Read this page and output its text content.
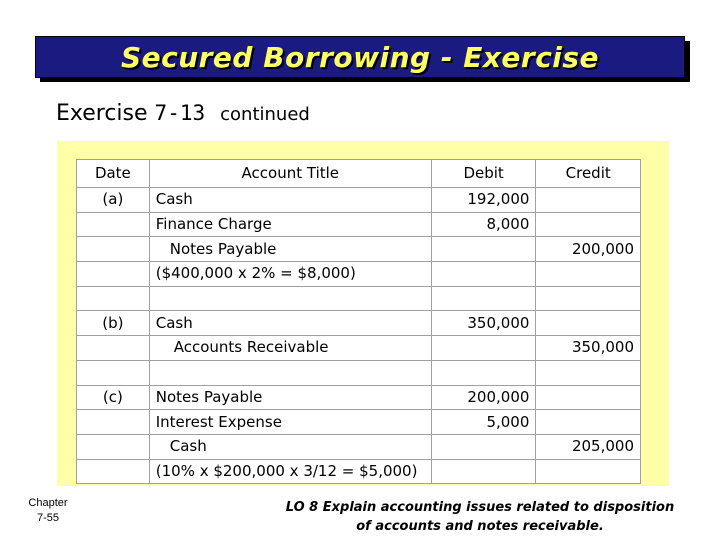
Secured Borrowing - Exercise
Exercise 7-13 continued
Date	Account Title	Debit	Credit
(a)	Cash	192,000	
	Finance Charge	8,000	
	Notes Payable		200,000
	($400,000 x 2% = $8,000)		

(b)	Cash	350,000	
	Accounts Receivable		350,000

(c)	Notes Payable	200,000	
	Interest Expense	5,000	
	Cash		205,000
	(10% x $200,000 x 3/12 = $5,000)		
Chapter
7-55
LO 8 Explain accounting issues related to disposition
of accounts and notes receivable.
